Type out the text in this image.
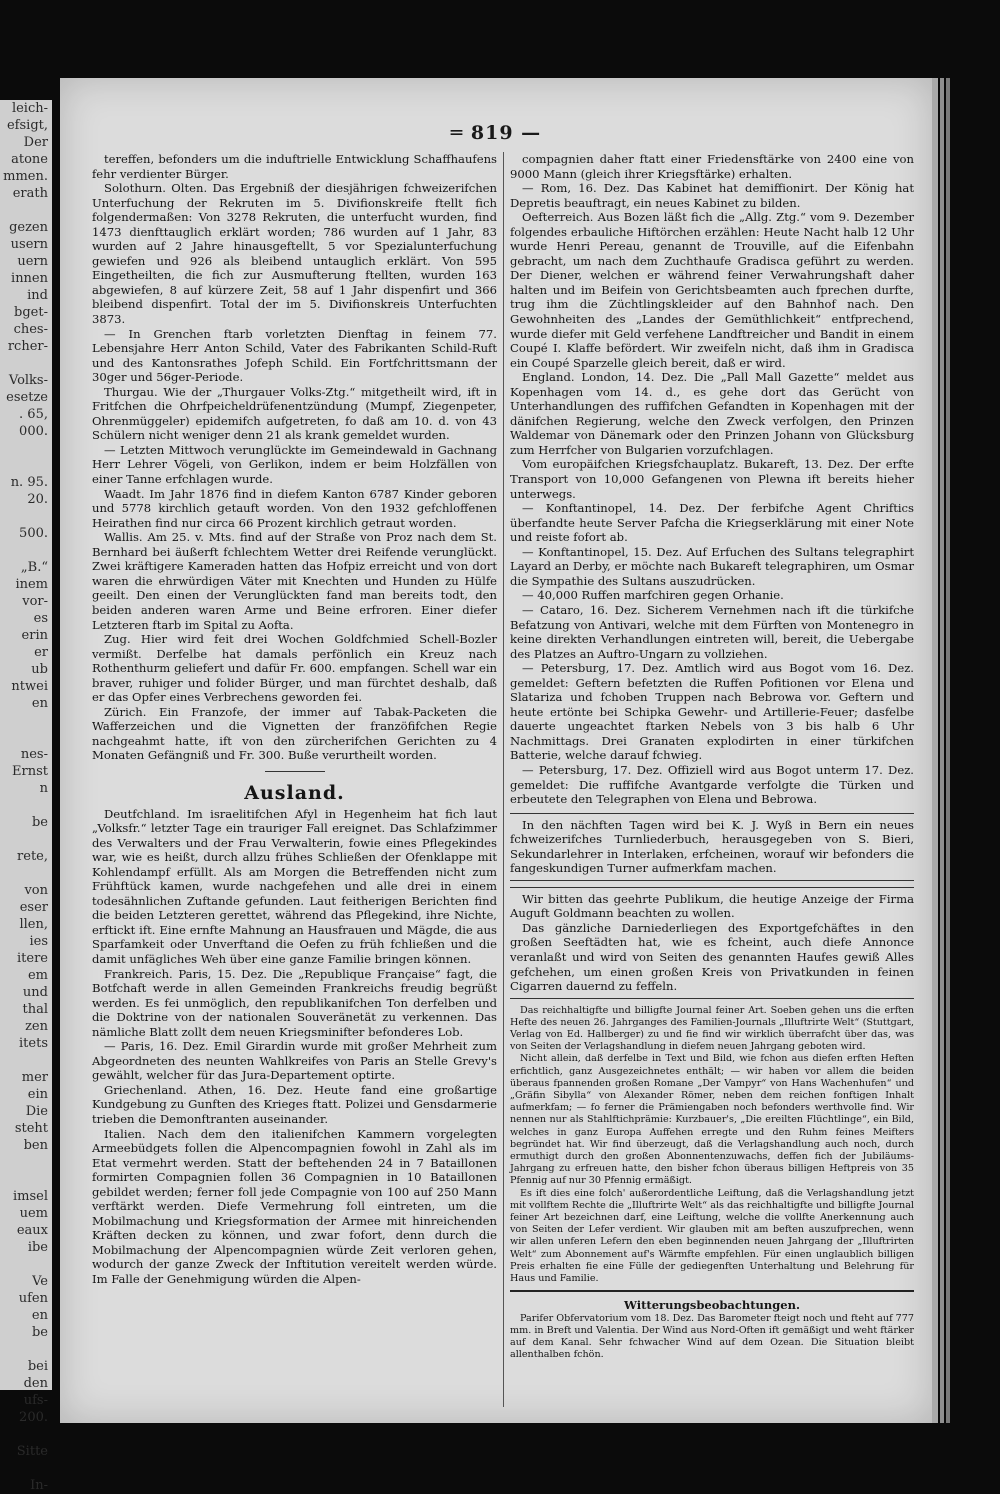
leich-
efsigt,
Der
atone
mmen.
erath

gezen
usern
uern
innen
ind
bget-
ches-
rcher-

Volks-
esetze
. 65,
000.

n. 95.
20.

500.

„B.“
inem
vor-
es
erin
er
ub
ntwei
en

nes-
Ernst
n

be

rete,

von
eser
llen,
ies
itere
em
und
thal
zen
itets

mer
ein
Die
steht
ben

imsel
uem
eaux
ibe

Ve
ufen
en
be

bei
den
ufs-
200.

Sitte

In-
═ 819 —

tereffen, befonders um die induftrielle Entwicklung Schaffhaufens fehr verdienter Bürger.

Solothurn. Olten. Das Ergebniß der diesjährigen fchweizerifchen Unterfuchung der Rekruten im 5. Divifionskreife ftellt fich folgendermaßen: Von 3278 Rekruten, die unterfucht wurden, find 1473 dienfttauglich erklärt worden; 786 wurden auf 1 Jahr, 83 wurden auf 2 Jahre hinausgeftellt, 5 vor Spezialunterfuchung gewiefen und 926 als bleibend untauglich erklärt. Von 595 Eingetheilten, die fich zur Ausmufterung ftellten, wurden 163 abgewiefen, 8 auf kürzere Zeit, 58 auf 1 Jahr dispenfirt und 366 bleibend dispenfirt. Total der im 5. Divifionskreis Unterfuchten 3873.

— In Grenchen ftarb vorletzten Dienftag in feinem 77. Lebensjahre Herr Anton Schild, Vater des Fabrikanten Schild-Ruft und des Kantonsrathes Jofeph Schild. Ein Fortfchrittsmann der 30ger und 56ger-Periode.

Thurgau. Wie der „Thurgauer Volks-Ztg.“ mitgetheilt wird, ift in Fritfchen die Ohrfpeicheldrüfenentzündung (Mumpf, Ziegenpeter, Ohrenmüggeler) epidemifch aufgetreten, fo daß am 10. d. von 43 Schülern nicht weniger denn 21 als krank gemeldet wurden.

— Letzten Mittwoch verunglückte im Gemeindewald in Gachnang Herr Lehrer Vögeli, von Gerlikon, indem er beim Holzfällen von einer Tanne erfchlagen wurde.

Waadt. Im Jahr 1876 find in diefem Kanton 6787 Kinder geboren und 5778 kirchlich getauft worden. Von den 1932 gefchloffenen Heirathen find nur circa 66 Prozent kirchlich getraut worden.

Wallis. Am 25. v. Mts. find auf der Straße von Proz nach dem St. Bernhard bei äußerft fchlechtem Wetter drei Reifende verunglückt. Zwei kräftigere Kameraden hatten das Hofpiz erreicht und von dort waren die ehrwürdigen Väter mit Knechten und Hunden zu Hülfe geeilt. Den einen der Verunglückten fand man bereits todt, den beiden anderen waren Arme und Beine erfroren. Einer diefer Letzteren ftarb im Spital zu Aofta.

Zug. Hier wird feit drei Wochen Goldfchmied Schell-Bozler vermißt. Derfelbe hat damals perfönlich ein Kreuz nach Rothenthurm geliefert und dafür Fr. 600. empfangen. Schell war ein braver, ruhiger und folider Bürger, und man fürchtet deshalb, daß er das Opfer eines Verbrechens geworden fei.

Zürich. Ein Franzofe, der immer auf Tabak-Packeten die Wafferzeichen und die Vignetten der franzöfifchen Regie nachgeahmt hatte, ift von den zürcherifchen Gerichten zu 4 Monaten Gefängniß und Fr. 300. Buße verurtheilt worden.

Ausland.

Deutfchland. Im israelitifchen Afyl in Hegenheim hat fich laut „Volksfr.“ letzter Tage ein trauriger Fall ereignet. Das Schlafzimmer des Verwalters und der Frau Verwalterin, fowie eines Pflegekindes war, wie es heißt, durch allzu frühes Schließen der Ofenklappe mit Kohlendampf erfüllt. Als am Morgen die Betreffenden nicht zum Frühftück kamen, wurde nachgefehen und alle drei in einem todesähnlichen Zuftande gefunden. Laut feitherigen Berichten find die beiden Letzteren gerettet, während das Pflegekind, ihre Nichte, erftickt ift. Eine ernfte Mahnung an Hausfrauen und Mägde, die aus Sparfamkeit oder Unverftand die Oefen zu früh fchließen und die damit unfägliches Weh über eine ganze Familie bringen können.

Frankreich. Paris, 15. Dez. Die „Republique Française“ fagt, die Botfchaft werde in allen Gemeinden Frankreichs freudig begrüßt werden. Es fei unmöglich, den republikanifchen Ton derfelben und die Doktrine von der nationalen Souveränetät zu verkennen. Das nämliche Blatt zollt dem neuen Kriegsminifter befonderes Lob.

— Paris, 16. Dez. Emil Girardin wurde mit großer Mehrheit zum Abgeordneten des neunten Wahlkreifes von Paris an Stelle Grevy's gewählt, welcher für das Jura-Departement optirte.

Griechenland. Athen, 16. Dez. Heute fand eine großartige Kundgebung zu Gunften des Krieges ftatt. Polizei und Gensdarmerie trieben die Demonftranten auseinander.

Italien. Nach dem den italienifchen Kammern vorgelegten Armeebüdgets follen die Alpencompagnien fowohl in Zahl als im Etat vermehrt werden. Statt der beftehenden 24 in 7 Bataillonen formirten Compagnien follen 36 Compagnien in 10 Bataillonen gebildet werden; ferner foll jede Compagnie von 100 auf 250 Mann verftärkt werden. Diefe Vermehrung foll eintreten, um die Mobilmachung und Kriegsformation der Armee mit hinreichenden Kräften decken zu können, und zwar fofort, denn durch die Mobilmachung der Alpencompagnien würde Zeit verloren gehen, wodurch der ganze Zweck der Inftitution vereitelt werden würde. Im Falle der Genehmigung würden die Alpen-

compagnien daher ftatt einer Friedensftärke von 2400 eine von 9000 Mann (gleich ihrer Kriegsftärke) erhalten.

— Rom, 16. Dez. Das Kabinet hat demiffionirt. Der König hat Depretis beauftragt, ein neues Kabinet zu bilden.

Oefterreich. Aus Bozen läßt fich die „Allg. Ztg.“ vom 9. Dezember folgendes erbauliche Hiftörchen erzählen: Heute Nacht halb 12 Uhr wurde Henri Pereau, genannt de Trouville, auf die Eifenbahn gebracht, um nach dem Zuchthaufe Gradisca geführt zu werden. Der Diener, welchen er während feiner Verwahrungshaft daher halten und im Beifein von Gerichtsbeamten auch fprechen durfte, trug ihm die Züchtlingskleider auf den Bahnhof nach. Den Gewohnheiten des „Landes der Gemüthlichkeit“ entfprechend, wurde diefer mit Geld verfehene Landftreicher und Bandit in einem Coupé I. Klaffe befördert. Wir zweifeln nicht, daß ihm in Gradisca ein Coupé Sparzelle gleich bereit, daß er wird.

England. London, 14. Dez. Die „Pall Mall Gazette“ meldet aus Kopenhagen vom 14. d., es gehe dort das Gerücht von Unterhandlungen des ruffifchen Gefandten in Kopenhagen mit der dänifchen Regierung, welche den Zweck verfolgen, den Prinzen Waldemar von Dänemark oder den Prinzen Johann von Glücksburg zum Herrfcher von Bulgarien vorzufchlagen.

Vom europäifchen Kriegsfchauplatz. Bukareft, 13. Dez. Der erfte Transport von 10,000 Gefangenen von Plewna ift bereits hieher unterwegs.

— Konftantinopel, 14. Dez. Der ferbifche Agent Chriftics überfandte heute Server Pafcha die Kriegserklärung mit einer Note und reiste fofort ab.

— Konftantinopel, 15. Dez. Auf Erfuchen des Sultans telegraphirt Layard an Derby, er möchte nach Bukareft telegraphiren, um Osmar die Sympathie des Sultans auszudrücken.

— 40,000 Ruffen marfchiren gegen Orhanie.

— Cataro, 16. Dez. Sicherem Vernehmen nach ift die türkifche Befatzung von Antivari, welche mit dem Fürften von Montenegro in keine direkten Verhandlungen eintreten will, bereit, die Uebergabe des Platzes an Auftro-Ungarn zu vollziehen.

— Petersburg, 17. Dez. Amtlich wird aus Bogot vom 16. Dez. gemeldet: Geftern befetzten die Ruffen Pofitionen vor Elena und Slatariza und fchoben Truppen nach Bebrowa vor. Geftern und heute ertönte bei Schipka Gewehr- und Artillerie-Feuer; dasfelbe dauerte ungeachtet ftarken Nebels von 3 bis halb 6 Uhr Nachmittags. Drei Granaten explodirten in einer türkifchen Batterie, welche darauf fchwieg.

— Petersburg, 17. Dez. Offiziell wird aus Bogot unterm 17. Dez. gemeldet: Die ruffifche Avantgarde verfolgte die Türken und erbeutete den Telegraphen von Elena und Bebrowa.

In den nächften Tagen wird bei K. J. Wyß in Bern ein neues fchweizerifches Turnliederbuch, herausgegeben von S. Bieri, Sekundarlehrer in Interlaken, erfcheinen, worauf wir befonders die fangeskundigen Turner aufmerkfam machen.

Wir bitten das geehrte Publikum, die heutige Anzeige der Firma Auguft Goldmann beachten zu wollen.

Das gänzliche Darniederliegen des Exportgefchäftes in den großen Seeftädten hat, wie es fcheint, auch diefe Annonce veranlaßt und wird von Seiten des genannten Haufes gewiß Alles gefchehen, um einen großen Kreis von Privatkunden in feinen Cigarren dauernd zu feffeln.

Das reichhaltigfte und billigfte Journal feiner Art. Soeben gehen uns die erften Hefte des neuen 26. Jahrganges des Familien-Journals „Illuftrirte Welt“ (Stuttgart, Verlag von Ed. Hallberger) zu und fie find wir wirklich überrafcht über das, was von Seiten der Verlagshandlung in diefem neuen Jahrgang geboten wird.

Nicht allein, daß derfelbe in Text und Bild, wie fchon aus diefen erften Heften erfichtlich, ganz Ausgezeichnetes enthält; — wir haben vor allem die beiden überaus fpannenden großen Romane „Der Vampyr“ von Hans Wachenhufen“ und „Gräfin Sibylla“ von Alexander Römer, neben dem reichen fonftigen Inhalt aufmerkfam; — fo ferner die Prämiengaben noch befonders werthvolle find. Wir nennen nur als Stahlftichprämie: Kurzbauer's, „Die ereilten Flüchtlinge“, ein Bild, welches in ganz Europa Auffehen erregte und den Ruhm feines Meifters begründet hat. Wir find überzeugt, daß die Verlagshandlung auch noch, durch ermuthigt durch den großen Abonnentenzuwachs, deffen fich der Jubiläums-Jahrgang zu erfreuen hatte, den bisher fchon überaus billigen Heftpreis von 35 Pfennig auf nur 30 Pfennig ermäßigt.

Es ift dies eine folch' außerordentliche Leiftung, daß die Verlagshandlung jetzt mit vollftem Rechte die „Illuftrirte Welt“ als das reichhaltigfte und billigfte Journal feiner Art bezeichnen darf, eine Leiftung, welche die vollfte Anerkennung auch von Seiten der Lefer verdient. Wir glauben mit am beften auszufprechen, wenn wir allen unferen Lefern den eben beginnenden neuen Jahrgang der „Illuftrirten Welt“ zum Abonnement auf's Wärmfte empfehlen. Für einen unglaublich billigen Preis erhalten fie eine Fülle der gediegenften Unterhaltung und Belehrung für Haus und Familie.

Witterungsbeobachtungen.

Parifer Obfervatorium vom 18. Dez. Das Barometer fteigt noch und fteht auf 777 mm. in Breft und Valentia. Der Wind aus Nord-Often ift gemäßigt und weht ftärker auf dem Kanal. Sehr fchwacher Wind auf dem Ozean. Die Situation bleibt allenthalben fchön.
